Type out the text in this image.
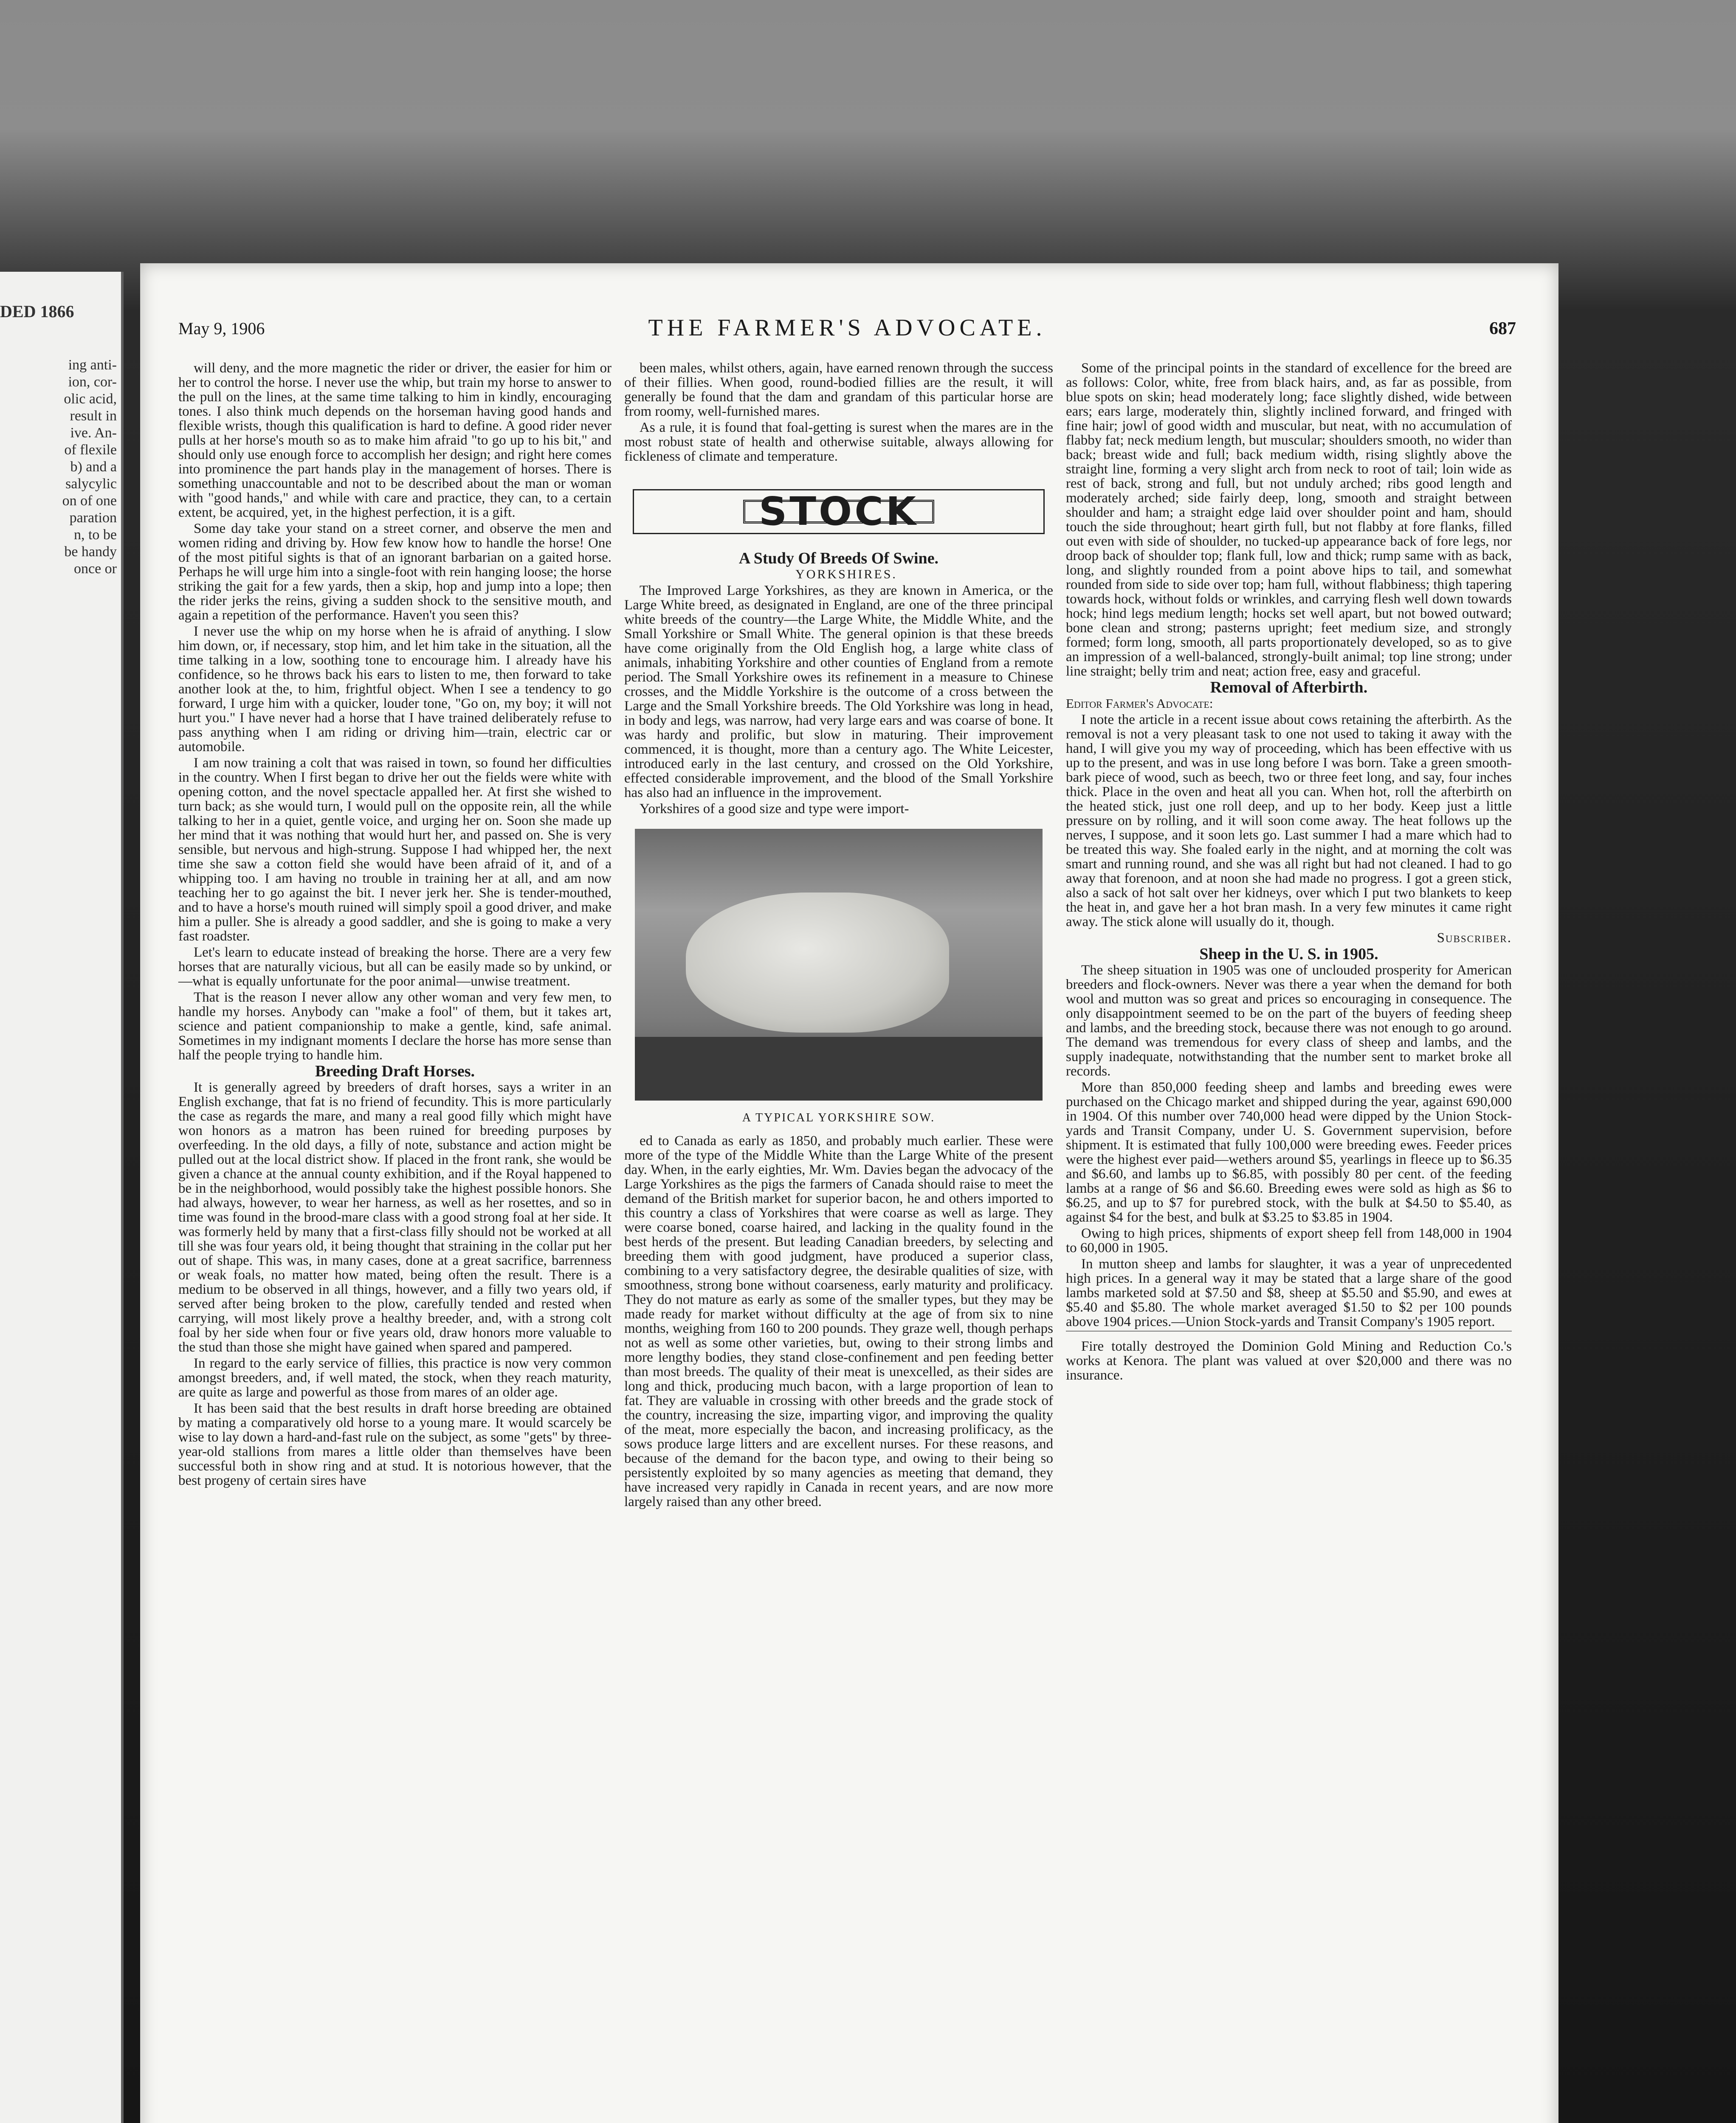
DED 1866
ing anti-
ion, cor-
olic acid,
result in
ive. An-
of flexile
b) and a
salycylic
on of one
paration
n, to be
be handy
once or
May 9, 1906	THE FARMER'S ADVOCATE.	687

will deny, and the more magnetic the rider or driver, the easier for him or her to control the horse. I never use the whip, but train my horse to answer to the pull on the lines, at the same time talking to him in kindly, encouraging tones. I also think much depends on the horseman having good hands and flexible wrists, though this qualification is hard to define. A good rider never pulls at her horse's mouth so as to make him afraid "to go up to his bit," and should only use enough force to accomplish her design; and right here comes into prominence the part hands play in the management of horses. There is something unaccountable and not to be described about the man or woman with "good hands," and while with care and practice, they can, to a certain extent, be acquired, yet, in the highest perfection, it is a gift.

Some day take your stand on a street corner, and observe the men and women riding and driving by. How few know how to handle the horse! One of the most pitiful sights is that of an ignorant barbarian on a gaited horse. Perhaps he will urge him into a single-foot with rein hanging loose; the horse striking the gait for a few yards, then a skip, hop and jump into a lope; then the rider jerks the reins, giving a sudden shock to the sensitive mouth, and again a repetition of the performance. Haven't you seen this?

I never use the whip on my horse when he is afraid of anything. I slow him down, or, if necessary, stop him, and let him take in the situation, all the time talking in a low, soothing tone to encourage him. I already have his confidence, so he throws back his ears to listen to me, then forward to take another look at the, to him, frightful object. When I see a tendency to go forward, I urge him with a quicker, louder tone, "Go on, my boy; it will not hurt you." I have never had a horse that I have trained deliberately refuse to pass anything when I am riding or driving him—train, electric car or automobile.

I am now training a colt that was raised in town, so found her difficulties in the country. When I first began to drive her out the fields were white with opening cotton, and the novel spectacle appalled her. At first she wished to turn back; as she would turn, I would pull on the opposite rein, all the while talking to her in a quiet, gentle voice, and urging her on. Soon she made up her mind that it was nothing that would hurt her, and passed on. She is very sensible, but nervous and high-strung. Suppose I had whipped her, the next time she saw a cotton field she would have been afraid of it, and of a whipping too. I am having no trouble in training her at all, and am now teaching her to go against the bit. I never jerk her. She is tender-mouthed, and to have a horse's mouth ruined will simply spoil a good driver, and make him a puller. She is already a good saddler, and she is going to make a very fast roadster.

Let's learn to educate instead of breaking the horse. There are a very few horses that are naturally vicious, but all can be easily made so by unkind, or—what is equally unfortunate for the poor animal—unwise treatment.

That is the reason I never allow any other woman and very few men, to handle my horses. Anybody can "make a fool" of them, but it takes art, science and patient companionship to make a gentle, kind, safe animal. Sometimes in my indignant moments I declare the horse has more sense than half the people trying to handle him.

Breeding Draft Horses.

It is generally agreed by breeders of draft horses, says a writer in an English exchange, that fat is no friend of fecundity. This is more particularly the case as regards the mare, and many a real good filly which might have won honors as a matron has been ruined for breeding purposes by overfeeding. In the old days, a filly of note, substance and action might be pulled out at the local district show. If placed in the front rank, she would be given a chance at the annual county exhibition, and if the Royal happened to be in the neighborhood, would possibly take the highest possible honors. She had always, however, to wear her harness, as well as her rosettes, and so in time was found in the brood-mare class with a good strong foal at her side. It was formerly held by many that a first-class filly should not be worked at all till she was four years old, it being thought that straining in the collar put her out of shape. This was, in many cases, done at a great sacrifice, barrenness or weak foals, no matter how mated, being often the result. There is a medium to be observed in all things, however, and a filly two years old, if served after being broken to the plow, carefully tended and rested when carrying, will most likely prove a healthy breeder, and, with a strong colt foal by her side when four or five years old, draw honors more valuable to the stud than those she might have gained when spared and pampered.

In regard to the early service of fillies, this practice is now very common amongst breeders, and, if well mated, the stock, when they reach maturity, are quite as large and powerful as those from mares of an older age.

It has been said that the best results in draft horse breeding are obtained by mating a comparatively old horse to a young mare. It would scarcely be wise to lay down a hard-and-fast rule on the subject, as some "gets" by three-year-old stallions from mares a little older than themselves have been successful both in show ring and at stud. It is notorious however, that the best progeny of certain sires have

been males, whilst others, again, have earned renown through the success of their fillies. When good, round-bodied fillies are the result, it will generally be found that the dam and grandam of this particular horse are from roomy, well-furnished mares.

As a rule, it is found that foal-getting is surest when the mares are in the most robust state of health and otherwise suitable, always allowing for fickleness of climate and temperature.

STOCK

A Study Of Breeds Of Swine.

YORKSHIRES.

The Improved Large Yorkshires, as they are known in America, or the Large White breed, as designated in England, are one of the three principal white breeds of the country—the Large White, the Middle White, and the Small Yorkshire or Small White. The general opinion is that these breeds have come originally from the Old English hog, a large white class of animals, inhabiting Yorkshire and other counties of England from a remote period. The Small Yorkshire owes its refinement in a measure to Chinese crosses, and the Middle Yorkshire is the outcome of a cross between the Large and the Small Yorkshire breeds. The Old Yorkshire was long in head, in body and legs, was narrow, had very large ears and was coarse of bone. It was hardy and prolific, but slow in maturing. Their improvement commenced, it is thought, more than a century ago. The White Leicester, introduced early in the last century, and crossed on the Old Yorkshire, effected considerable improvement, and the blood of the Small Yorkshire has also had an influence in the improvement.

Yorkshires of a good size and type were import-

A TYPICAL YORKSHIRE SOW.

ed to Canada as early as 1850, and probably much earlier. These were more of the type of the Middle White than the Large White of the present day. When, in the early eighties, Mr. Wm. Davies began the advocacy of the Large Yorkshires as the pigs the farmers of Canada should raise to meet the demand of the British market for superior bacon, he and others imported to this country a class of Yorkshires that were coarse as well as large. They were coarse boned, coarse haired, and lacking in the quality found in the best herds of the present. But leading Canadian breeders, by selecting and breeding them with good judgment, have produced a superior class, combining to a very satisfactory degree, the desirable qualities of size, with smoothness, strong bone without coarseness, early maturity and prolificacy. They do not mature as early as some of the smaller types, but they may be made ready for market without difficulty at the age of from six to nine months, weighing from 160 to 200 pounds. They graze well, though perhaps not as well as some other varieties, but, owing to their strong limbs and more lengthy bodies, they stand close-confinement and pen feeding better than most breeds. The quality of their meat is unexcelled, as their sides are long and thick, producing much bacon, with a large proportion of lean to fat. They are valuable in crossing with other breeds and the grade stock of the country, increasing the size, imparting vigor, and improving the quality of the meat, more especially the bacon, and increasing prolificacy, as the sows produce large litters and are excellent nurses. For these reasons, and because of the demand for the bacon type, and owing to their being so persistently exploited by so many agencies as meeting that demand, they have increased very rapidly in Canada in recent years, and are now more largely raised than any other breed.

Some of the principal points in the standard of excellence for the breed are as follows: Color, white, free from black hairs, and, as far as possible, from blue spots on skin; head moderately long; face slightly dished, wide between ears; ears large, moderately thin, slightly inclined forward, and fringed with fine hair; jowl of good width and muscular, but neat, with no accumulation of flabby fat; neck medium length, but muscular; shoulders smooth, no wider than back; breast wide and full; back medium width, rising slightly above the straight line, forming a very slight arch from neck to root of tail; loin wide as rest of back, strong and full, but not unduly arched; ribs good length and moderately arched; side fairly deep, long, smooth and straight between shoulder and ham; a straight edge laid over shoulder point and ham, should touch the side throughout; heart girth full, but not flabby at fore flanks, filled out even with side of shoulder, no tucked-up appearance back of fore legs, nor droop back of shoulder top; flank full, low and thick; rump same with as back, long, and slightly rounded from a point above hips to tail, and somewhat rounded from side to side over top; ham full, without flabbiness; thigh tapering towards hock, without folds or wrinkles, and carrying flesh well down towards hock; hind legs medium length; hocks set well apart, but not bowed outward; bone clean and strong; pasterns upright; feet medium size, and strongly formed; form long, smooth, all parts proportionately developed, so as to give an impression of a well-balanced, strongly-built animal; top line strong; under line straight; belly trim and neat; action free, easy and graceful.

Removal of Afterbirth.

Editor Farmer's Advocate:

I note the article in a recent issue about cows retaining the afterbirth. As the removal is not a very pleasant task to one not used to taking it away with the hand, I will give you my way of proceeding, which has been effective with us up to the present, and was in use long before I was born. Take a green smooth-bark piece of wood, such as beech, two or three feet long, and say, four inches thick. Place in the oven and heat all you can. When hot, roll the afterbirth on the heated stick, just one roll deep, and up to her body. Keep just a little pressure on by rolling, and it will soon come away. The heat follows up the nerves, I suppose, and it soon lets go. Last summer I had a mare which had to be treated this way. She foaled early in the night, and at morning the colt was smart and running round, and she was all right but had not cleaned. I had to go away that forenoon, and at noon she had made no progress. I got a green stick, also a sack of hot salt over her kidneys, over which I put two blankets to keep the heat in, and gave her a hot bran mash. In a very few minutes it came right away. The stick alone will usually do it, though.

Subscriber.

Sheep in the U. S. in 1905.

The sheep situation in 1905 was one of unclouded prosperity for American breeders and flock-owners. Never was there a year when the demand for both wool and mutton was so great and prices so encouraging in consequence. The only disappointment seemed to be on the part of the buyers of feeding sheep and lambs, and the breeding stock, because there was not enough to go around. The demand was tremendous for every class of sheep and lambs, and the supply inadequate, notwithstanding that the number sent to market broke all records.

More than 850,000 feeding sheep and lambs and breeding ewes were purchased on the Chicago market and shipped during the year, against 690,000 in 1904. Of this number over 740,000 head were dipped by the Union Stock-yards and Transit Company, under U. S. Government supervision, before shipment. It is estimated that fully 100,000 were breeding ewes. Feeder prices were the highest ever paid—wethers around $5, yearlings in fleece up to $6.35 and $6.60, and lambs up to $6.85, with possibly 80 per cent. of the feeding lambs at a range of $6 and $6.60. Breeding ewes were sold as high as $6 to $6.25, and up to $7 for purebred stock, with the bulk at $4.50 to $5.40, as against $4 for the best, and bulk at $3.25 to $3.85 in 1904.

Owing to high prices, shipments of export sheep fell from 148,000 in 1904 to 60,000 in 1905.

In mutton sheep and lambs for slaughter, it was a year of unprecedented high prices. In a general way it may be stated that a large share of the good lambs marketed sold at $7.50 and $8, sheep at $5.50 and $5.90, and ewes at $5.40 and $5.80. The whole market averaged $1.50 to $2 per 100 pounds above 1904 prices.—Union Stock-yards and Transit Company's 1905 report.

Fire totally destroyed the Dominion Gold Mining and Reduction Co.'s works at Kenora. The plant was valued at over $20,000 and there was no insurance.
